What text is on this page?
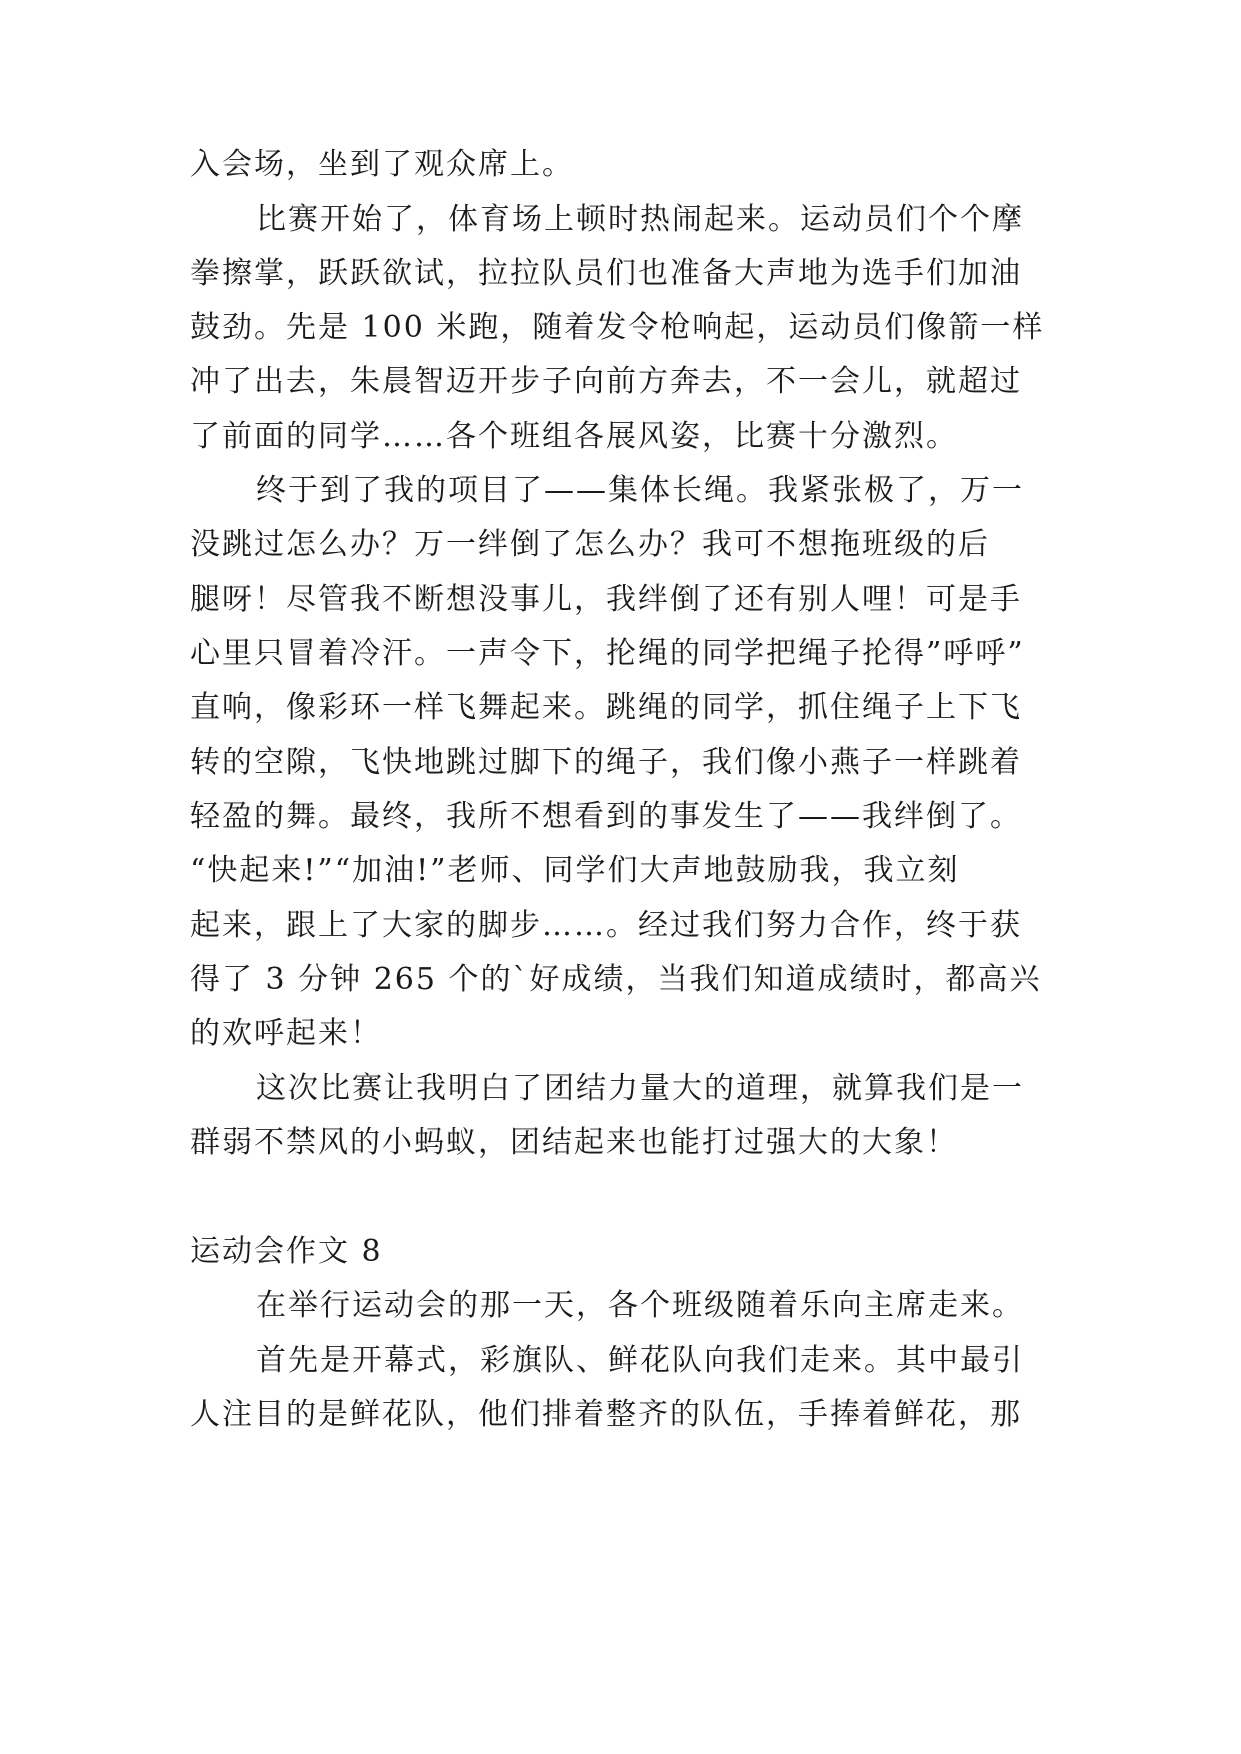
入会场，坐到了观众席上。
比赛开始了，体育场上顿时热闹起来。运动员们个个摩
拳擦掌，跃跃欲试，拉拉队员们也准备大声地为选手们加油
鼓劲。先是 100 米跑，随着发令枪响起，运动员们像箭一样
冲了出去，朱晨智迈开步子向前方奔去，不一会儿，就超过
了前面的同学……各个班组各展风姿，比赛十分激烈。
终于到了我的项目了——集体长绳。我紧张极了，万一
没跳过怎么办？万一绊倒了怎么办？我可不想拖班级的后
腿呀！尽管我不断想没事儿，我绊倒了还有别人哩！可是手
心里只冒着冷汗。一声令下，抡绳的同学把绳子抡得”呼呼”
直响，像彩环一样飞舞起来。跳绳的同学，抓住绳子上下飞
转的空隙，飞快地跳过脚下的绳子，我们像小燕子一样跳着
轻盈的舞。最终，我所不想看到的事发生了——我绊倒了。
“快起来!”“加油!”老师、同学们大声地鼓励我，我立刻
起来，跟上了大家的脚步……。经过我们努力合作，终于获
得了 3 分钟 265 个的`好成绩，当我们知道成绩时，都高兴
的欢呼起来！
这次比赛让我明白了团结力量大的道理，就算我们是一
群弱不禁风的小蚂蚁，团结起来也能打过强大的大象！
运动会作文 8
在举行运动会的那一天，各个班级随着乐向主席走来。
首先是开幕式，彩旗队、鲜花队向我们走来。其中最引
人注目的是鲜花队，他们排着整齐的队伍，手捧着鲜花，那
